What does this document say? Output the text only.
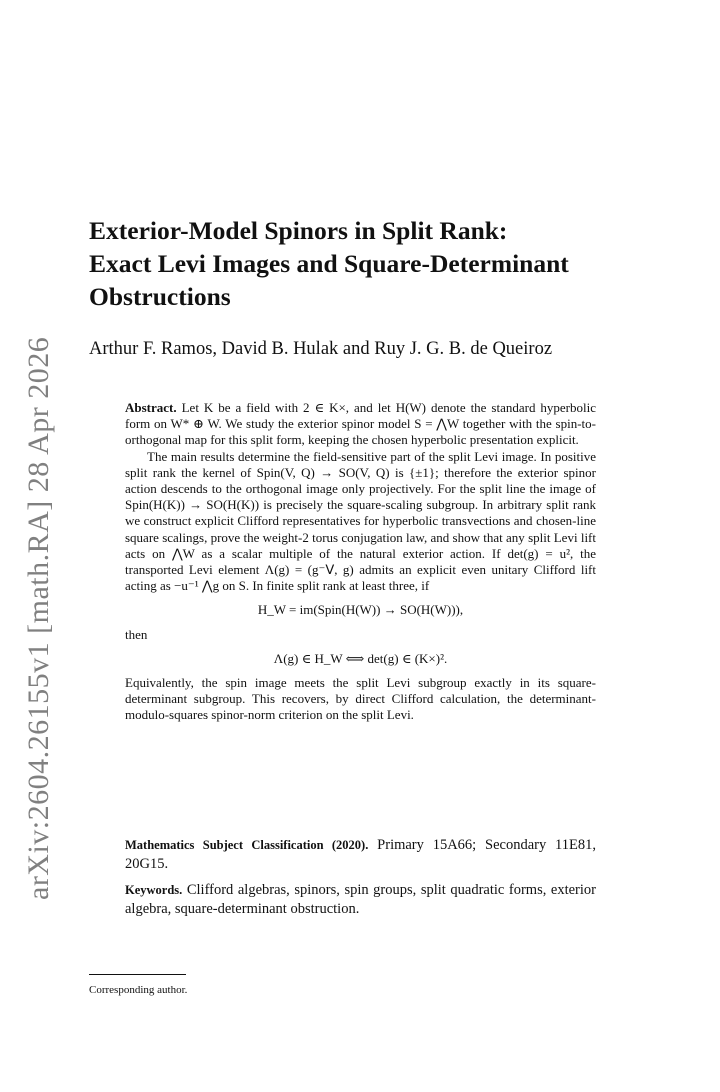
arXiv:2604.26155v1 [math.RA] 28 Apr 2026
Exterior-Model Spinors in Split Rank:
Exact Levi Images and Square-Determinant
Obstructions
Arthur F. Ramos, David B. Hulak and Ruy J. G. B. de Queiroz

Abstract. Let K be a field with 2 ∈ K×, and let H(W) denote the standard hyperbolic form on W* ⊕ W. We study the exterior spinor model S = ⋀W together with the spin-to-orthogonal map for this split form, keeping the chosen hyperbolic presentation explicit.

The main results determine the field-sensitive part of the split Levi image. In positive split rank the kernel of Spin(V, Q) → SO(V, Q) is {±1}; therefore the exterior spinor action descends to the orthogonal image only projectively. For the split line the image of Spin(H(K)) → SO(H(K)) is precisely the square-scaling subgroup. In arbitrary split rank we construct explicit Clifford representatives for hyperbolic transvections and chosen-line square scalings, prove the weight-2 torus conjugation law, and show that any split Levi lift acts on ⋀W as a scalar multiple of the natural exterior action. If det(g) = u², the transported Levi element Λ(g) = (g⁻ᐯ, g) admits an explicit even unitary Clifford lift acting as −u⁻¹ ⋀g on S. In finite split rank at least three, if

H_W = im(Spin(H(W)) → SO(H(W))),

then

Λ(g) ∈ H_W ⟺ det(g) ∈ (K×)².

Equivalently, the spin image meets the split Levi subgroup exactly in its square-determinant subgroup. This recovers, by direct Clifford calculation, the determinant-modulo-squares spinor-norm criterion on the split Levi.

Mathematics Subject Classification (2020). Primary 15A66; Secondary 11E81, 20G15.
Keywords. Clifford algebras, spinors, spin groups, split quadratic forms, exterior algebra, square-determinant obstruction.
Corresponding author.
